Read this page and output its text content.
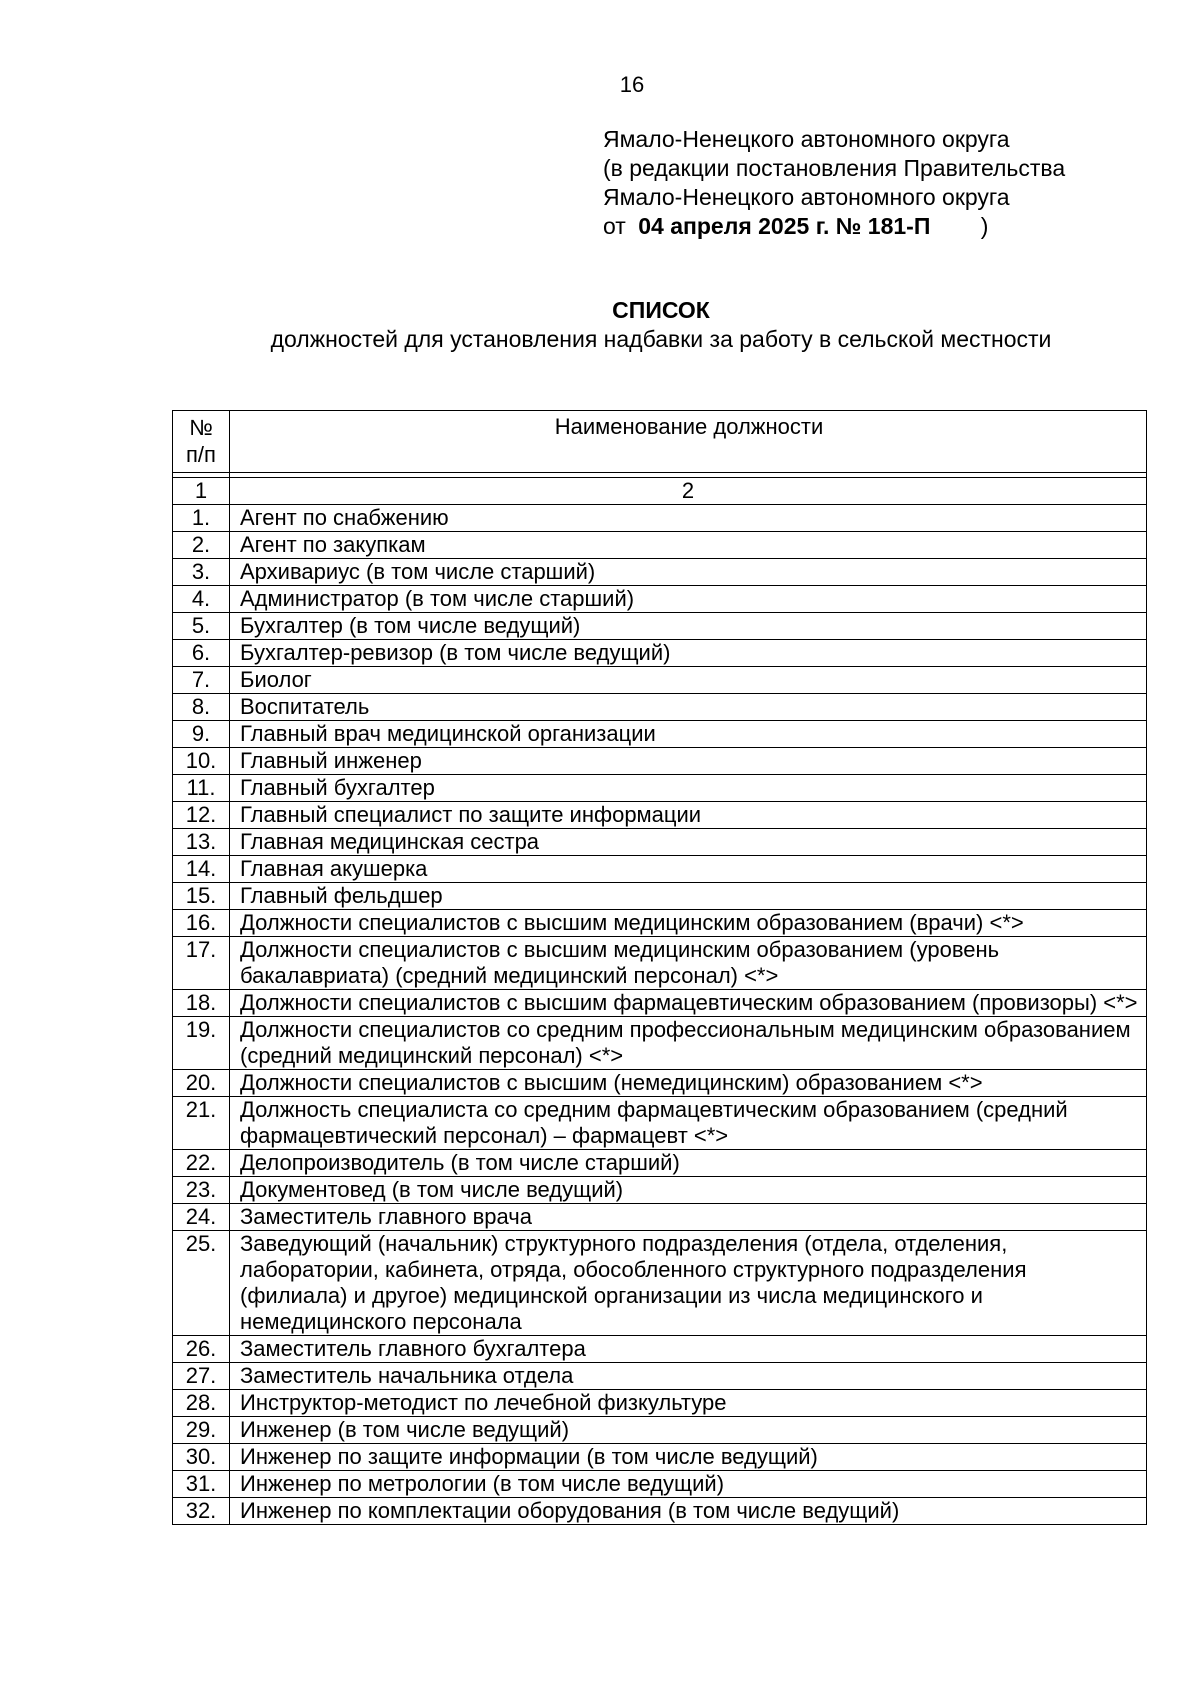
16
Ямало-Ненецкого автономного округа
(в редакции постановления Правительства
Ямало-Ненецкого автономного округа
от 04 апреля 2025 г. № 181-П )
СПИСОК
должностей для установления надбавки за работу в сельской местности
№
п/п	Наименование должности

1	2
1.	Агент по снабжению
2.	Агент по закупкам
3.	Архивариус (в том числе старший)
4.	Администратор (в том числе старший)
5.	Бухгалтер (в том числе ведущий)
6.	Бухгалтер-ревизор (в том числе ведущий)
7.	Биолог
8.	Воспитатель
9.	Главный врач медицинской организации
10.	Главный инженер
11.	Главный бухгалтер
12.	Главный специалист по защите информации
13.	Главная медицинская сестра
14.	Главная акушерка
15.	Главный фельдшер
16.	Должности специалистов с высшим медицинским образованием (врачи) <*>
17.	Должности специалистов с высшим медицинским образованием (уровень бакалавриата) (средний медицинский персонал) <*>
18.	Должности специалистов с высшим фармацевтическим образованием (провизоры) <*>
19.	Должности специалистов со средним профессиональным медицинским образованием (средний медицинский персонал) <*>
20.	Должности специалистов с высшим (немедицинским) образованием <*>
21.	Должность специалиста со средним фармацевтическим образованием (средний фармацевтический персонал) – фармацевт <*>
22.	Делопроизводитель (в том числе старший)
23.	Документовед (в том числе ведущий)
24.	Заместитель главного врача
25.	Заведующий (начальник) структурного подразделения (отдела, отделения, лаборатории, кабинета, отряда, обособленного структурного подразделения (филиала) и другое) медицинской организации из числа медицинского и немедицинского персонала
26.	Заместитель главного бухгалтера
27.	Заместитель начальника отдела
28.	Инструктор-методист по лечебной физкультуре
29.	Инженер (в том числе ведущий)
30.	Инженер по защите информации (в том числе ведущий)
31.	Инженер по метрологии (в том числе ведущий)
32.	Инженер по комплектации оборудования (в том числе ведущий)
